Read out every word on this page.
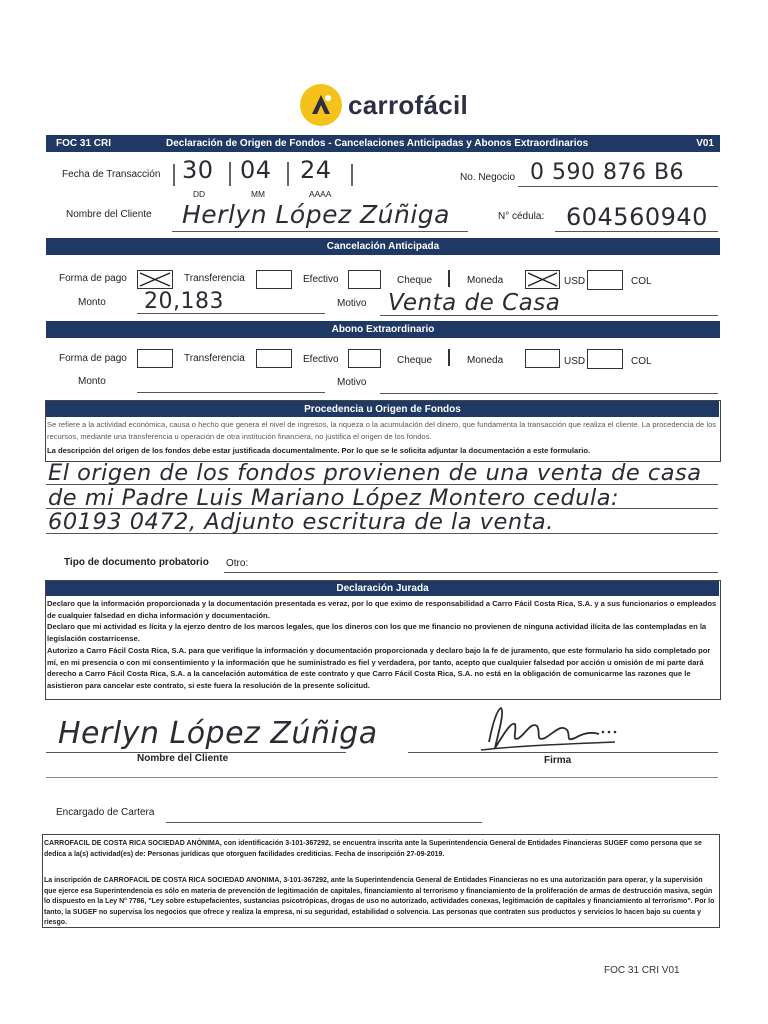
carrofácil
FOC 31 CRI	Declaración de Origen de Fondos - Cancelaciones Anticipadas y Abonos Extraordinarios	V01
Fecha de Transacción 30 04 24
DD	MM	AAAA
No. Negocio 0 590 876 B6
Nombre del Cliente Herlyn López Zúñiga	N° cédula: 604560940
Cancelación Anticipada
Forma de pago	Transferencia	Efectivo	Cheque	Moneda	USD	COL
Monto 20,183	Motivo Venta de Casa
Abono Extraordinario
Forma de pago	Transferencia	Efectivo	Cheque	Moneda	USD	COL
Monto	Motivo
Procedencia u Origen de Fondos
Se refiere a la actividad económica, causa o hecho que genera el nivel de ingresos, la riqueza o la acumulación del dinero, que fundamenta la transacción que realiza el cliente. La procedencia de los recursos, mediante una transferencia u operación de otra institución financiera, no justifica el origen de los fondos.
La descripción del origen de los fondos debe estar justificada documentalmente. Por lo que se le solicita adjuntar la documentación a este formulario.
El origen de los fondos provienen de una venta de casa
de mi Padre Luis Mariano López Montero cedula:
60193 0472, Adjunto escritura de la venta.
Tipo de documento probatorio Otro:
Declaración Jurada
Declaro que la información proporcionada y la documentación presentada es veraz, por lo que eximo de responsabilidad a Carro Fácil Costa Rica, S.A. y a sus funcionarios o empleados de cualquier falsedad en dicha información y documentación.
Declaro que mi actividad es lícita y la ejerzo dentro de los marcos legales, que los dineros con los que me financio no provienen de ninguna actividad ilícita de las contempladas en la legislación costarricense.
Autorizo a Carro Fácil Costa Rica, S.A. para que verifique la información y documentación proporcionada y declaro bajo la fe de juramento, que este formulario ha sido completado por mí, en mi presencia o con mi consentimiento y la información que he suministrado es fiel y verdadera, por tanto, acepto que cualquier falsedad por acción u omisión de mi parte dará derecho a Carro Fácil Costa Rica, S.A. a la cancelación automática de este contrato y que Carro Fácil Costa Rica, S.A. no está en la obligación de comunicarme las razones que le asistieron para cancelar este contrato, si este fuera la resolución de la presente solicitud.
Herlyn López Zúñiga
Nombre del Cliente	Firma
Encargado de Cartera
CARROFACIL DE COSTA RICA SOCIEDAD ANÓNIMA, con identificación 3-101-367292, se encuentra inscrita ante la Superintendencia General de Entidades Financieras SUGEF como persona que se dedica a la(s) actividad(es) de: Personas jurídicas que otorguen facilidades crediticias. Fecha de inscripción 27-09-2019.
La inscripción de CARROFACIL DE COSTA RICA SOCIEDAD ANONIMA, 3-101-367292, ante la Superintendencia General de Entidades Financieras no es una autorización para operar, y la supervisión que ejerce esa Superintendencia es sólo en materia de prevención de legitimación de capitales, financiamiento al terrorismo y financiamiento de la proliferación de armas de destrucción masiva, según lo dispuesto en la Ley N° 7786, "Ley sobre estupefacientes, sustancias psicotrópicas, drogas de uso no autorizado, actividades conexas, legitimación de capitales y financiamiento al terrorismo". Por lo tanto, la SUGEF no supervisa los negocios que ofrece y realiza la empresa, ni su seguridad, estabilidad o solvencia. Las personas que contraten sus productos y servicios lo hacen bajo su cuenta y riesgo.
FOC 31 CRI V01
